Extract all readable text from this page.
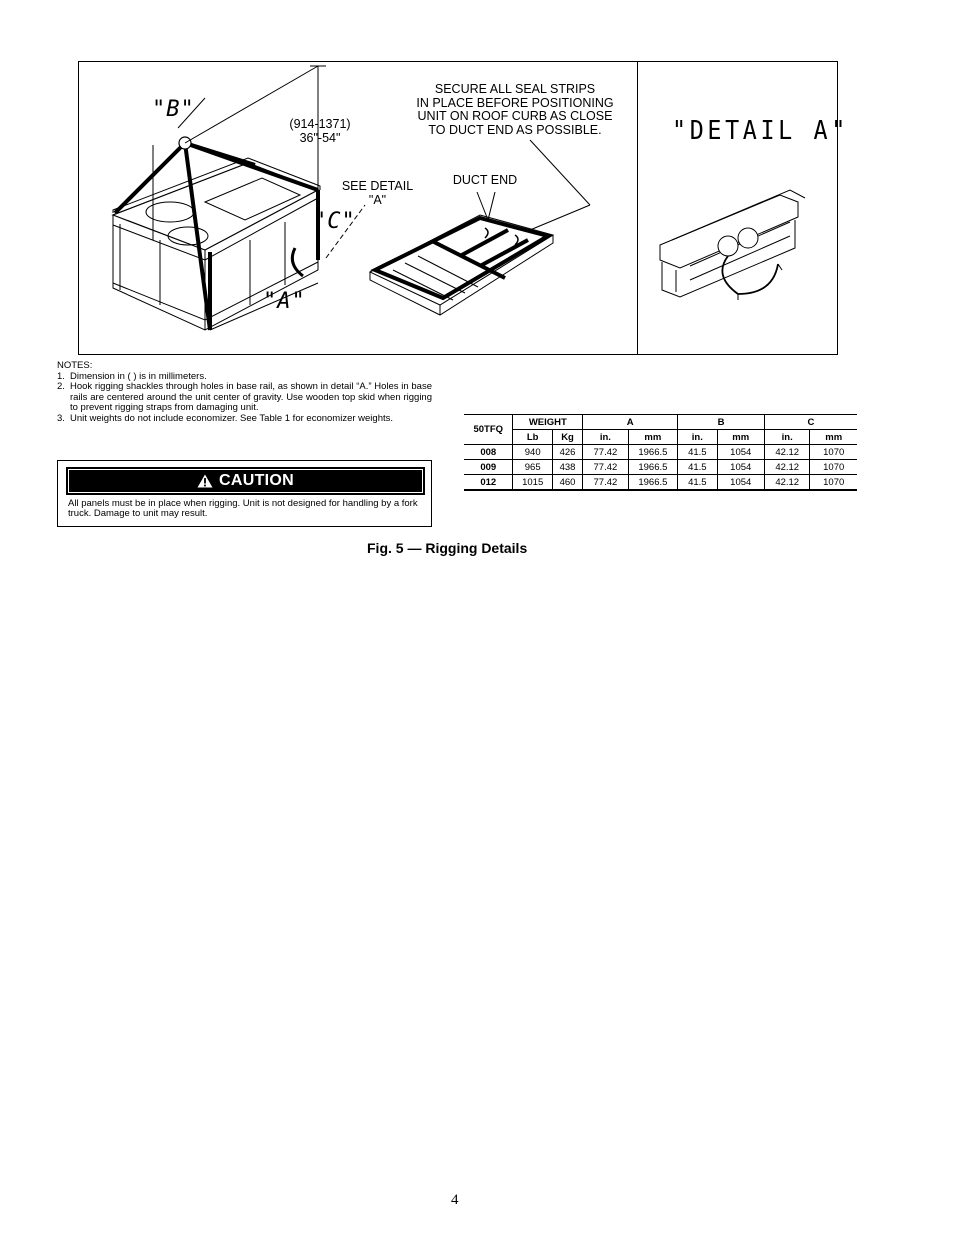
"B"
"C"
"A"
SECURE ALL SEAL STRIPS
IN PLACE BEFORE POSITIONING
UNIT ON ROOF CURB AS CLOSE
TO DUCT END AS POSSIBLE.
(914-1371)
36"-54"
SEE DETAIL
"A"
DUCT END
"DETAIL A"
NOTES:
1. Dimension in ( ) is in millimeters.
2. Hook rigging shackles through holes in base rail, as shown in detail “A.” Holes in base rails are centered around the unit center of gravity. Use wooden top skid when rigging to prevent rigging straps from damaging unit.
3. Unit weights do not include economizer. See Table 1 for economizer weights.
CAUTION
All panels must be in place when rigging. Unit is not designed for handling by a fork truck. Damage to unit may result.
50TFQ	WEIGHT		A		B		C	
	Lb	Kg	in.	mm	in.	mm	in.	mm
008	940	426	77.42	1966.5	41.5	1054	42.12	1070
009	965	438	77.42	1966.5	41.5	1054	42.12	1070
012	1015	460	77.42	1966.5	41.5	1054	42.12	1070
Fig. 5 — Rigging Details
4
